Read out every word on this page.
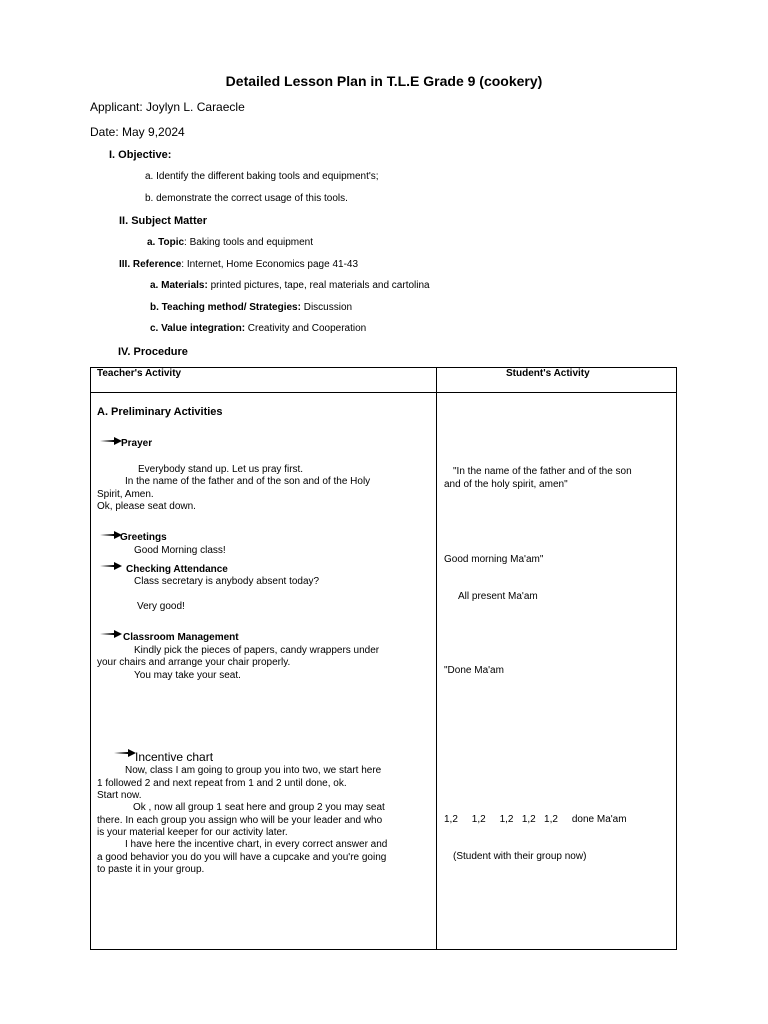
Detailed Lesson Plan in T.L.E Grade 9 (cookery)
Applicant: Joylyn L. Caraecle
Date: May 9,2024
I. Objective:
a. Identify the different baking tools and equipment's;
b. demonstrate the correct usage of this tools.
II. Subject Matter
a. Topic: Baking tools and equipment
III. Reference: Internet, Home Economics page 41-43
a. Materials: printed pictures, tape, real materials and cartolina
b. Teaching method/ Strategies: Discussion
c. Value integration: Creativity and Cooperation
IV. Procedure
Teacher's Activity	Student's Activity
A. Preliminary Activities
Prayer
Everybody stand up. Let us pray first.
In the name of the father and of the son and of the Holy
Spirit, Amen.
Ok, please seat down.
Greetings
Good Morning class!
Checking Attendance
Class secretary is anybody absent today?
Very good!
Classroom Management
Kindly pick the pieces of papers, candy wrappers under
your chairs and arrange your chair properly.
You may take your seat.
Incentive chart
Now, class I am going to group you into two, we start here
1 followed 2 and next repeat from 1 and 2 until done, ok.
Start now.
Ok , now all group 1 seat here and group 2 you may seat
there. In each group you assign who will be your leader and who
is your material keeper for our activity later.
I have here the incentive chart, in every correct answer and
a good behavior you do you will have a cupcake and you're going
to paste it in your group.
"In the name of the father and of the son
and of the holy spirit, amen"
Good morning Ma'am"
All present Ma'am
"Done Ma'am
1,2     1,2     1,2   1,2   1,2     done Ma'am
(Student with their group now)
